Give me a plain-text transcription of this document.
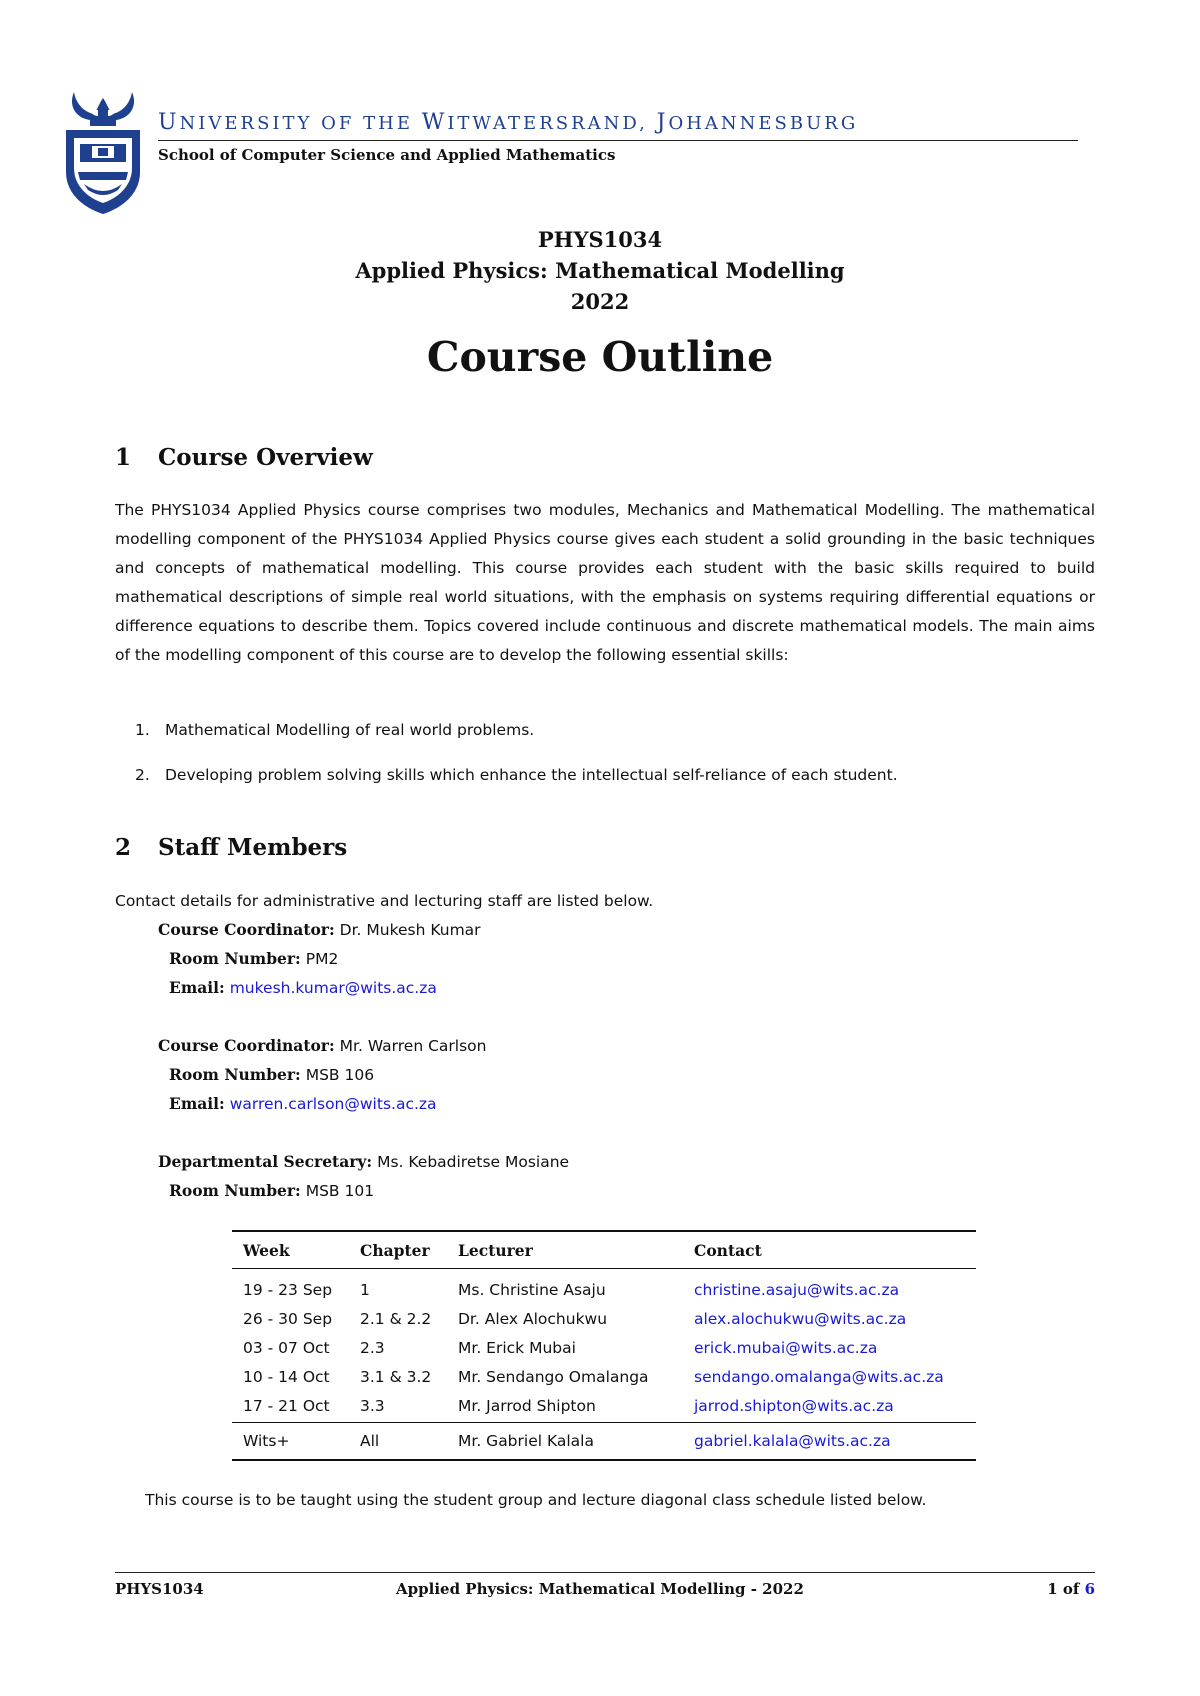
UNIVERSITY OF THE WITWATERSRAND, JOHANNESBURG
School of Computer Science and Applied Mathematics
PHYS1034
Applied Physics: Mathematical Modelling
2022
Course Outline
1 Course Overview
The PHYS1034 Applied Physics course comprises two modules, Mechanics and Mathematical Modelling. The mathematical modelling component of the PHYS1034 Applied Physics course gives each student a solid grounding in the basic techniques and concepts of mathematical modelling. This course provides each student with the basic skills required to build mathematical descriptions of simple real world situations, with the emphasis on systems requiring differential equations or difference equations to describe them. Topics covered include continuous and discrete mathematical models. The main aims of the modelling component of this course are to develop the following essential skills:
1. Mathematical Modelling of real world problems.
2. Developing problem solving skills which enhance the intellectual self-reliance of each student.
2 Staff Members
Contact details for administrative and lecturing staff are listed below.
Course Coordinator: Dr. Mukesh Kumar
Room Number: PM2
Email: mukesh.kumar@wits.ac.za
Course Coordinator: Mr. Warren Carlson
Room Number: MSB 106
Email: warren.carlson@wits.ac.za
Departmental Secretary: Ms. Kebadiretse Mosiane
Room Number: MSB 101
Week	Chapter	Lecturer	Contact
19 - 23 Sep	1	Ms. Christine Asaju	christine.asaju@wits.ac.za
26 - 30 Sep	2.1 & 2.2	Dr. Alex Alochukwu	alex.alochukwu@wits.ac.za
03 - 07 Oct	2.3	Mr. Erick Mubai	erick.mubai@wits.ac.za
10 - 14 Oct	3.1 & 3.2	Mr. Sendango Omalanga	sendango.omalanga@wits.ac.za
17 - 21 Oct	3.3	Mr. Jarrod Shipton	jarrod.shipton@wits.ac.za
Wits+	All	Mr. Gabriel Kalala	gabriel.kalala@wits.ac.za
This course is to be taught using the student group and lecture diagonal class schedule listed below.
PHYS1034	Applied Physics: Mathematical Modelling - 2022	1 of 6
